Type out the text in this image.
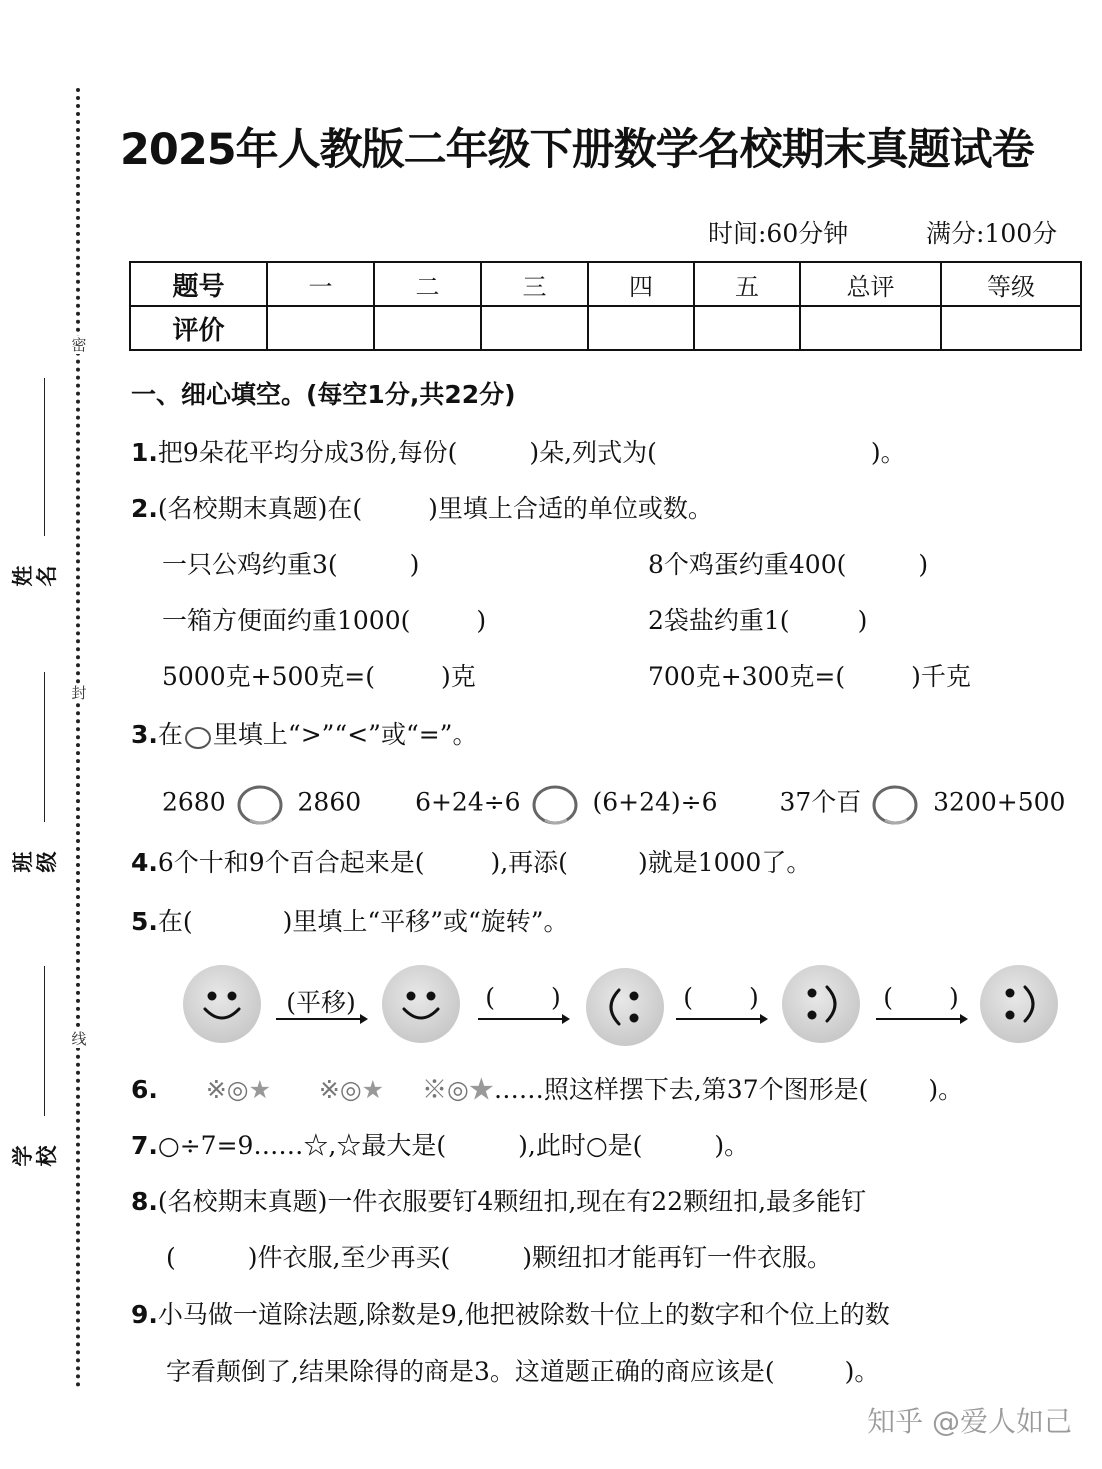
密
封
线
姓名
班级
学校
2025年人教版二年级下册数学名校期末真题试卷
时间:60分钟	满分:100分
题号	一	二	三	四	五	总评	等级
评价							
一、细心填空。(每空1分,共22分)
1.把9朵花平均分成3份,每份(	)朵,列式为(	)。
2.(名校期末真题)在(	)里填上合适的单位或数。
一只公鸡约重3(	)	8个鸡蛋约重400(	)
一箱方便面约重1000(	)	2袋盐约重1(	)
5000克+500克=(	)克	700克+300克=(	)千克
3.在 里填上“>”“<”或“=”。
2680	2860 6+24÷6	(6+24)÷6 37个百	3200+500
4.6个十和9个百合起来是(	),再添(	)就是1000了。
5.在(	)里填上“平移”或“旋转”。
(平移)	( )	( )	( )
6. ※◎★ ※◎★ ※◎★……照这样摆下去,第37个图形是( )。
7.○÷7=9……☆,☆最大是(	),此时○是(	)。
8.(名校期末真题)一件衣服要钉4颗纽扣,现在有22颗纽扣,最多能钉
(	)件衣服,至少再买(	)颗纽扣才能再钉一件衣服。
9.小马做一道除法题,除数是9,他把被除数十位上的数字和个位上的数
字看颠倒了,结果除得的商是3。这道题正确的商应该是(	)。
知乎 @爱人如己
